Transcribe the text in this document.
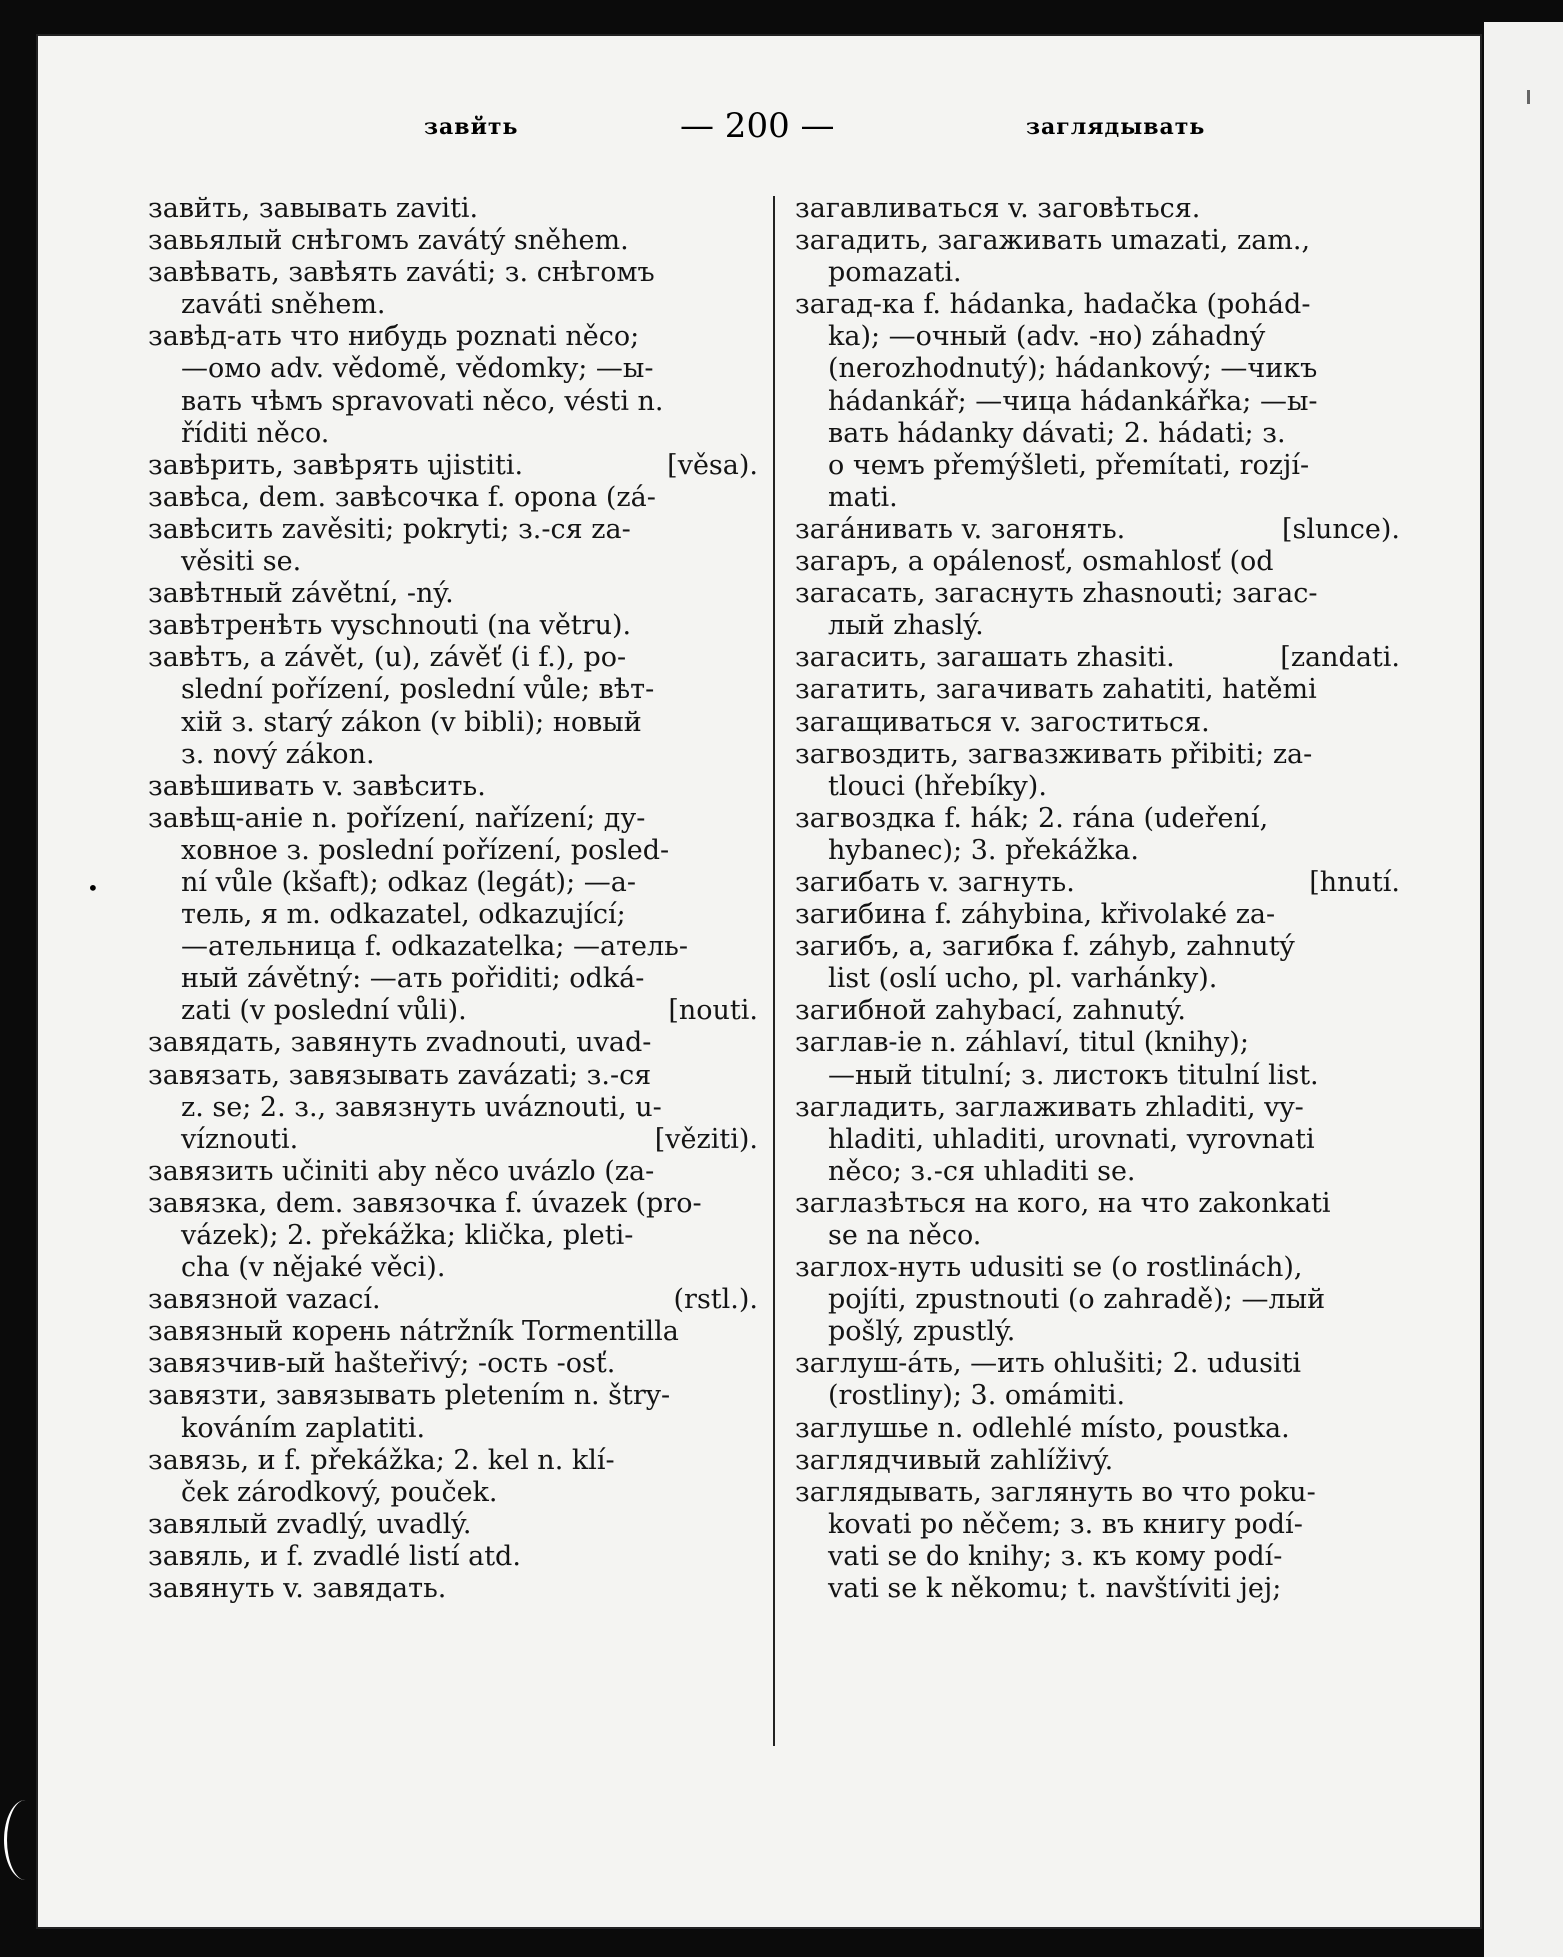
завйть	— 200 —	заглядывать
•
завйть, завывать zaviti.
завьялый снѣгомъ zavátý sněhem.
завѣвать, завѣять zaváti; з. снѣгомъ
zaváti sněhem.
завѣд-ать что нибудь poznati něco;
—омо adv. vědomě, vědomky; —ы-
вать чѣмъ spravovati něco, vésti n.
říditi něco.
завѣрить, завѣрять ujistiti.	[věsa).
завѣса, dem. завѣсочка f. opona (zá-
завѣсить zavěsiti; pokryti; з.-ся za-
věsiti se.
завѣтный závětní, -ný.
завѣтренѣть vyschnouti (na větru).
завѣтъ, a závět, (u), závěť (i f.), po-
slední pořízení, poslední vůle; вѣт-
хій з. starý zákon (v bibli); новый
з. nový zákon.
завѣшивать v. завѣсить.
завѣщ-аніе n. pořízení, nařízení; ду-
ховное з. poslední pořízení, posled-
ní vůle (kšaft); odkaz (legát); —а-
тель, я m. odkazatel, odkazující;
—ательница f. odkazatelka; —атель-
ный závětný: —ать pořiditi; odká-
zati (v poslední vůli).	[nouti.
завядать, завянуть zvadnouti, uvad-
завязать, завязывать zavázati; з.-ся
z. se; 2. з., завязнуть uváznouti, u-
víznouti.	[věziti).
завязить učiniti aby něco uvázlo (za-
завязка, dem. завязочка f. úvazek (pro-
vázek); 2. překážka; klička, pleti-
cha (v nějaké věci).
завязной vazací.	(rstl.).
завязный корень nátržník Tormentilla
завязчив-ый hašteřivý; -ость -osť.
завязти, завязывать pletením n. štry-
kováním zaplatiti.
завязь, и f. překážka; 2. kel n. klí-
ček zárodkový, pouček.
завялый zvadlý, uvadlý.
завяль, и f. zvadlé listí atd.
завянуть v. завядать.
загавливаться v. заговѣться.
загадить, загаживать umazati, zam.,
pomazati.
загад-ка f. hádanka, hadačka (pohád-
ka); —очный (adv. -но) záhadný
(nerozhodnutý); hádankový; —чикъ
hádankář; —чица hádankářka; —ы-
вать hádanky dávati; 2. hádati; з.
о чемъ přemýšleti, přemítati, rozjí-
mati.
загáнивать v. загонять.	[slunce).
загаръ, a opálenosť, osmahlosť (od
загасать, загаснуть zhasnouti; загас-
лый zhaslý.
загасить, загашать zhasiti.	[zandati.
загатить, загачивать zahatiti, hatěmi
загащиваться v. загоститься.
загвоздить, загвазживать přibiti; za-
tlouci (hřebíky).
загвоздка f. hák; 2. rána (udeření,
hybanec); 3. překážka.
загибать v. загнуть.	[hnutí.
загибина f. záhybina, křivolaké za-
загибъ, a, загибка f. záhyb, zahnutý
list (oslí ucho, pl. varhánky).
загибной zahybací, zahnutý.
заглав-іе n. záhlaví, titul (knihy);
—ный titulní; з. листокъ titulní list.
загладить, заглаживать zhladiti, vy-
hladiti, uhladiti, urovnati, vyrovnati
něco; з.-ся uhladiti se.
заглазѣться на кого, на что zakonkati
se na něco.
заглох-нуть udusiti se (o rostlinách),
pojíti, zpustnouti (o zahradě); —лый
pošlý, zpustlý.
заглуш-áть, —ить ohlušiti; 2. udusiti
(rostliny); 3. omámiti.
заглушье n. odlehlé místo, poustka.
заглядчивый zahlíživý.
заглядывать, заглянуть во что poku-
kovati po něčem; з. въ книгу podí-
vati se do knihy; з. къ кому podí-
vati se k někomu; t. navštíviti jej;
